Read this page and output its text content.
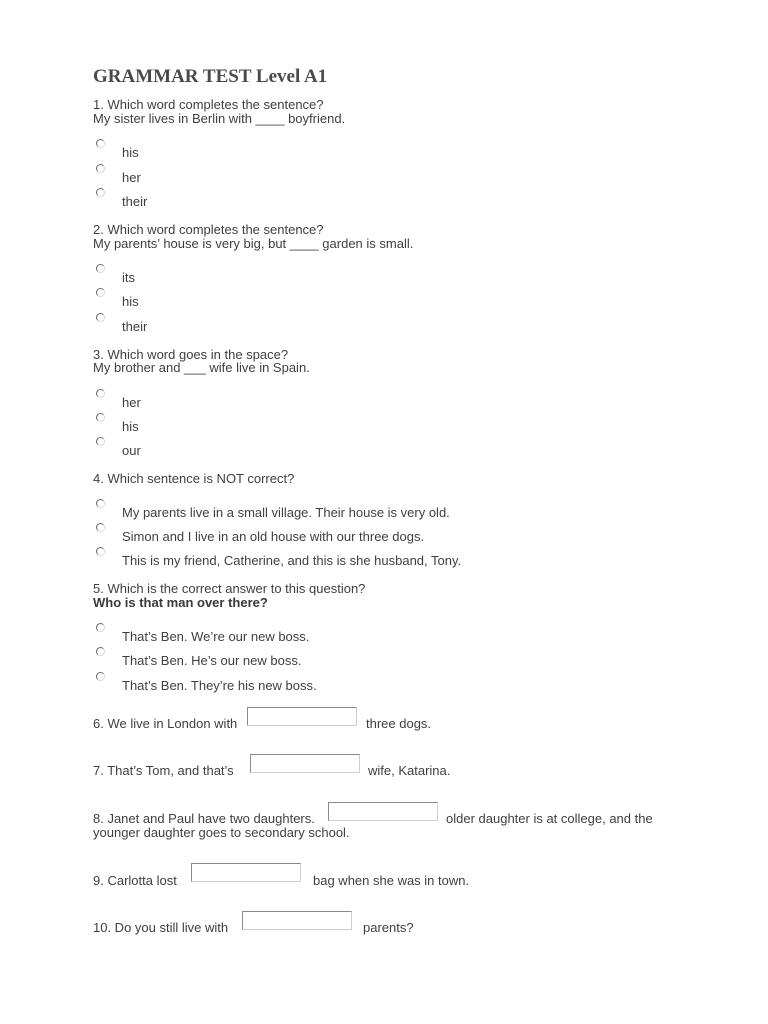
GRAMMAR TEST Level A1
1. Which word completes the sentence?
My sister lives in Berlin with ____ boyfriend.
his
her
their
2. Which word completes the sentence?
My parents’ house is very big, but ____ garden is small.
its
his
their
3. Which word goes in the space?
My brother and ___ wife live in Spain.
her
his
our
4. Which sentence is NOT correct?
My parents live in a small village. Their house is very old.
Simon and I live in an old house with our three dogs.
This is my friend, Catherine, and this is she husband, Tony.
5. Which is the correct answer to this question?
Who is that man over there?
That’s Ben. We’re our new boss.
That’s Ben. He’s our new boss.
That’s Ben. They’re his new boss.
6. We live in London with	three dogs.
7. That’s Tom, and that’s	wife, Katarina.
8. Janet and Paul have two daughters.	older daughter is at college, and the
younger daughter goes to secondary school.
9. Carlotta lost	bag when she was in town.
10. Do you still live with	parents?
